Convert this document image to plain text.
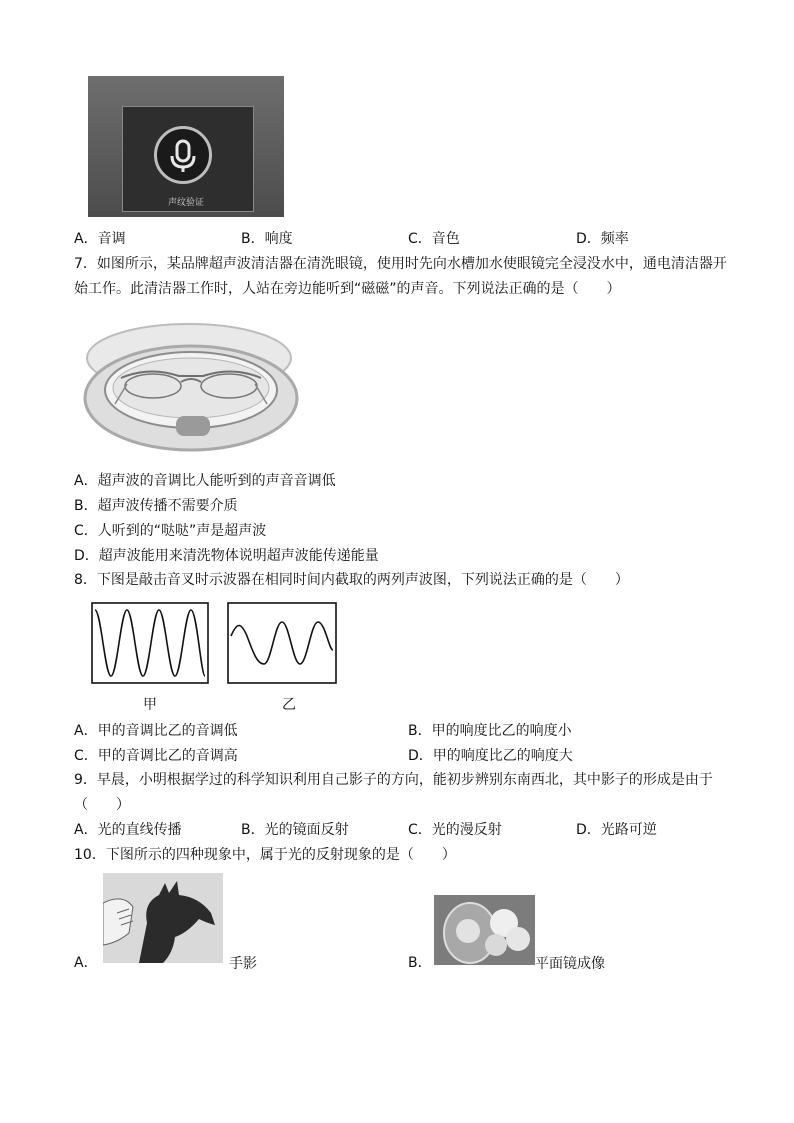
声纹验证
A．音调	B．响度	C．音色	D．频率
7．如图所示，某品牌超声波清洁器在清洗眼镜，使用时先向水槽加水使眼镜完全浸没水中，通电清洁器开
始工作。此清洁器工作时，人站在旁边能听到“磁磁”的声音。下列说法正确的是（　　）
A．超声波的音调比人能听到的声音音调低
B．超声波传播不需要介质
C．人听到的“哒哒”声是超声波
D．超声波能用来清洗物体说明超声波能传递能量
8．下图是敲击音叉时示波器在相同时间内截取的两列声波图，下列说法正确的是（　　）
甲	乙
A．甲的音调比乙的音调低	B．甲的响度比乙的响度小
C．甲的音调比乙的音调高	D．甲的响度比乙的响度大
9．早晨，小明根据学过的科学知识利用自己影子的方向，能初步辨别东南西北，其中影子的形成是由于
（　　）
A．光的直线传播	B．光的镜面反射	C．光的漫反射	D．光路可逆
10．下图所示的四种现象中，属于光的反射现象的是（　　）
A．	手影	B．	平面镜成像
